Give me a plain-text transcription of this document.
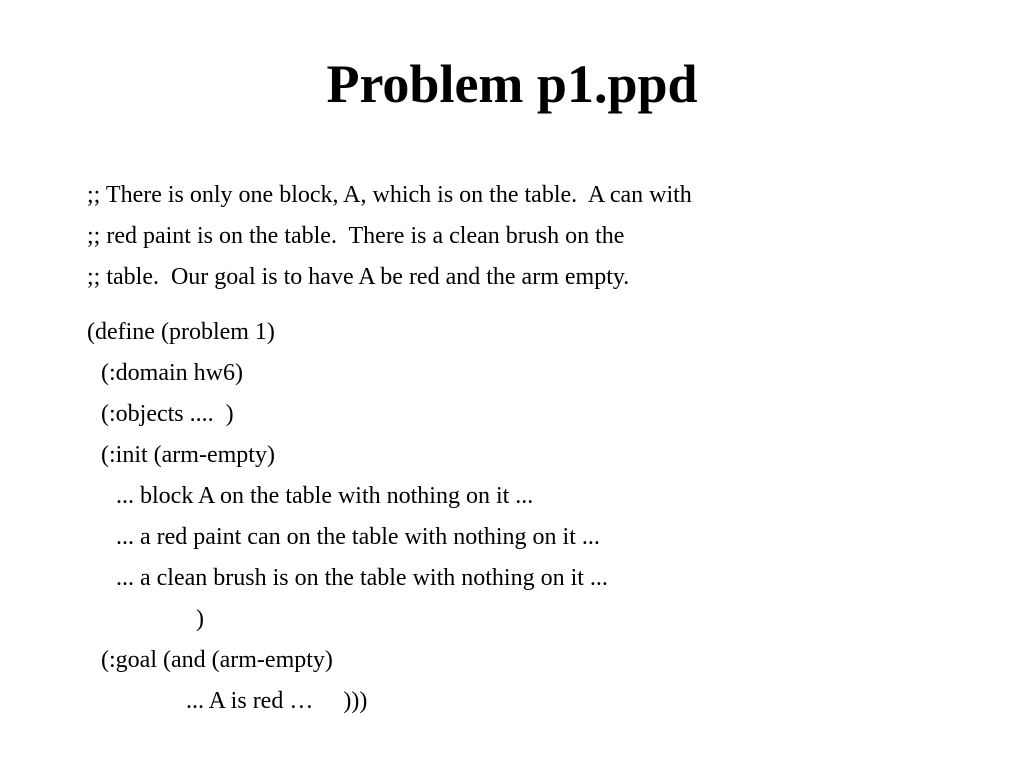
Problem p1.ppd
;; There is only one block, A, which is on the table.  A can with
;; red paint is on the table.  There is a clean brush on the
;; table.  Our goal is to have A be red and the arm empty.
(define (problem 1)
(:domain hw6)
(:objects ....  )
(:init (arm-empty)
... block A on the table with nothing on it ...
... a red paint can on the table with nothing on it ...
... a clean brush is on the table with nothing on it ...
)
(:goal (and (arm-empty)
... A is red …     )))
